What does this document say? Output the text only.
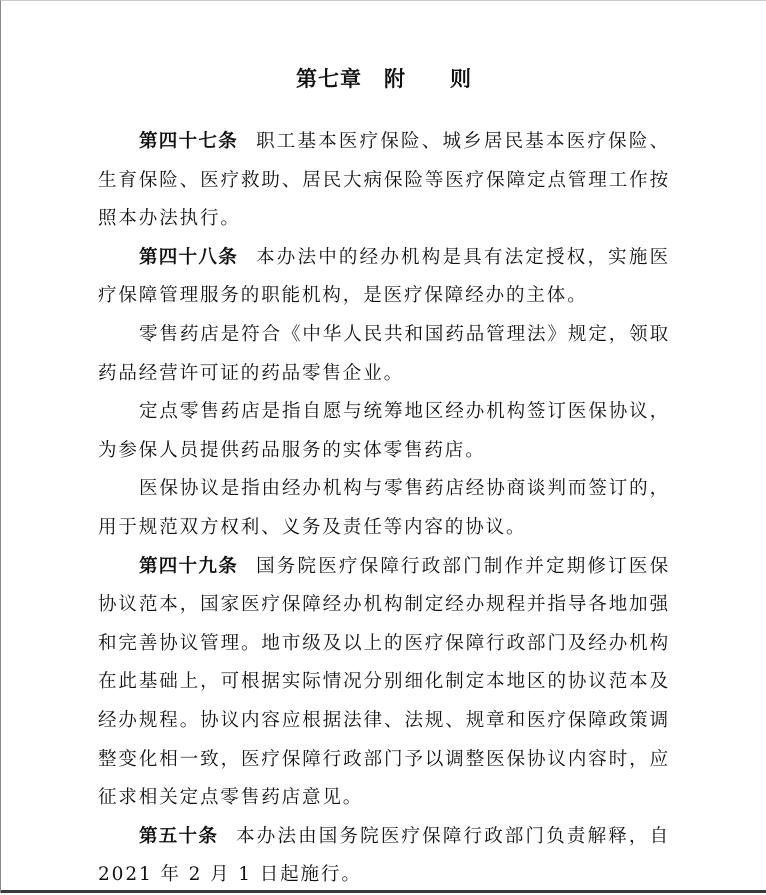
第七章　附　　则

第四十七条 职工基本医疗保险、城乡居民基本医疗保险、生育保险、医疗救助、居民大病保险等医疗保障定点管理工作按照本办法执行。

第四十八条 本办法中的经办机构是具有法定授权，实施医疗保障管理服务的职能机构，是医疗保障经办的主体。

零售药店是符合《中华人民共和国药品管理法》规定，领取药品经营许可证的药品零售企业。

定点零售药店是指自愿与统筹地区经办机构签订医保协议，为参保人员提供药品服务的实体零售药店。

医保协议是指由经办机构与零售药店经协商谈判而签订的，用于规范双方权利、义务及责任等内容的协议。

第四十九条 国务院医疗保障行政部门制作并定期修订医保协议范本，国家医疗保障经办机构制定经办规程并指导各地加强和完善协议管理。地市级及以上的医疗保障行政部门及经办机构在此基础上，可根据实际情况分别细化制定本地区的协议范本及经办规程。协议内容应根据法律、法规、规章和医疗保障政策调整变化相一致，医疗保障行政部门予以调整医保协议内容时，应征求相关定点零售药店意见。

第五十条 本办法由国务院医疗保障行政部门负责解释，自2021 年 2 月 1 日起施行。
